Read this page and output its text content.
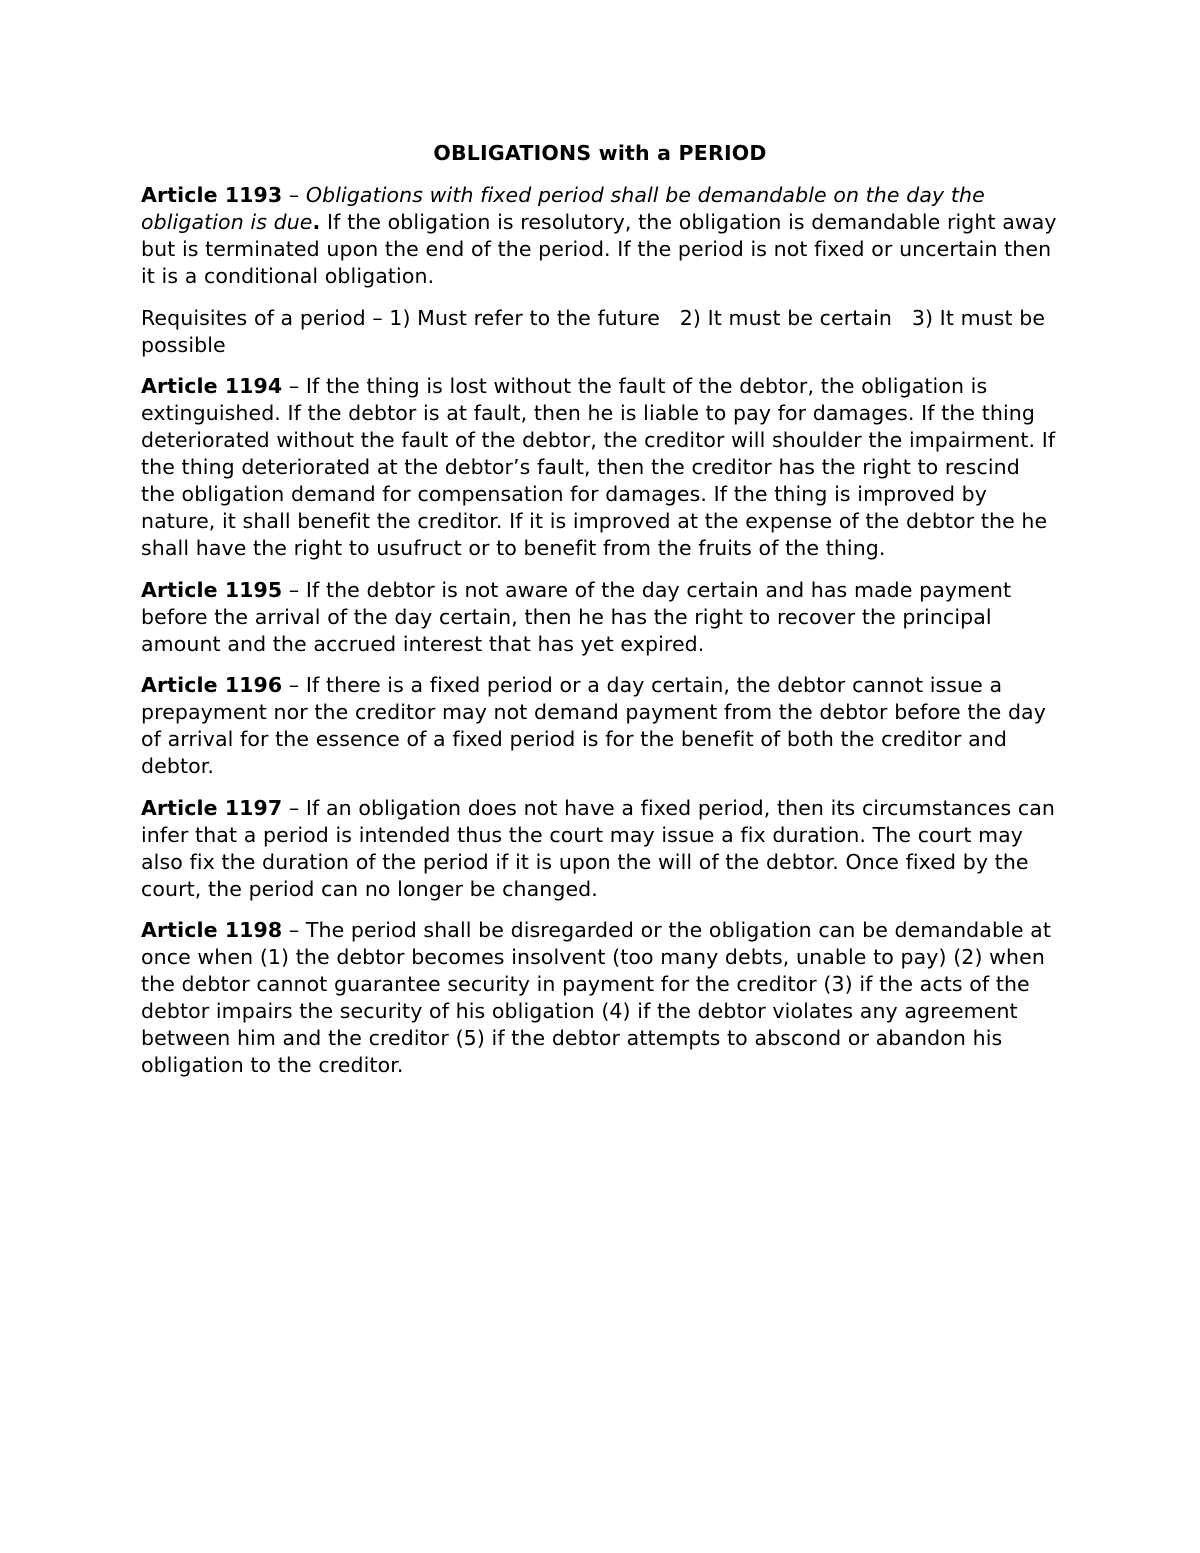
OBLIGATIONS with a PERIOD

Article 1193 – Obligations with fixed period shall be demandable on the day the obligation is due. If the obligation is resolutory, the obligation is demandable right away but is terminated upon the end of the period. If the period is not fixed or uncertain then it is a conditional obligation.

Requisites of a period – 1) Must refer to the future   2) It must be certain   3) It must be possible

Article 1194 – If the thing is lost without the fault of the debtor, the obligation is extinguished. If the debtor is at fault, then he is liable to pay for damages. If the thing deteriorated without the fault of the debtor, the creditor will shoulder the impairment. If the thing deteriorated at the debtor’s fault, then the creditor has the right to rescind the obligation demand for compensation for damages. If the thing is improved by nature, it shall benefit the creditor. If it is improved at the expense of the debtor the he shall have the right to usufruct or to benefit from the fruits of the thing.

Article 1195 – If the debtor is not aware of the day certain and has made payment before the arrival of the day certain, then he has the right to recover the principal amount and the accrued interest that has yet expired.

Article 1196 – If there is a fixed period or a day certain, the debtor cannot issue a prepayment nor the creditor may not demand payment from the debtor before the day of arrival for the essence of a fixed period is for the benefit of both the creditor and debtor.

Article 1197 – If an obligation does not have a fixed period, then its circumstances can infer that a period is intended thus the court may issue a fix duration. The court may also fix the duration of the period if it is upon the will of the debtor. Once fixed by the court, the period can no longer be changed.

Article 1198 – The period shall be disregarded or the obligation can be demandable at once when (1) the debtor becomes insolvent (too many debts, unable to pay) (2) when the debtor cannot guarantee security in payment for the creditor (3) if the acts of the debtor impairs the security of his obligation (4) if the debtor violates any agreement between him and the creditor (5) if the debtor attempts to abscond or abandon his obligation to the creditor.
